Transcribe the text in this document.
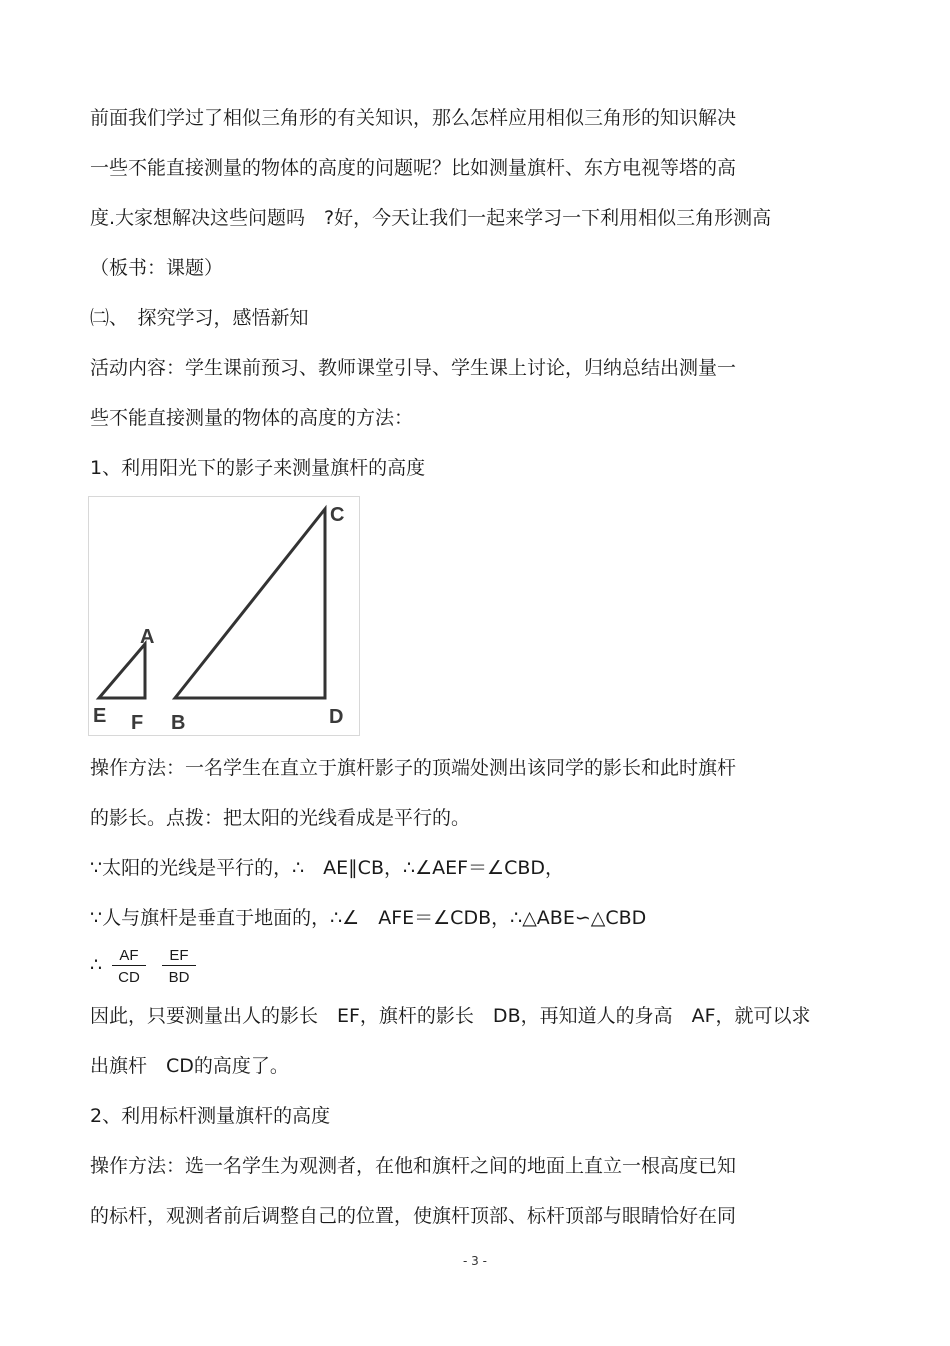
前面我们学过了相似三角形的有关知识，那么怎样应用相似三角形的知识解决
一些不能直接测量的物体的高度的问题呢？比如测量旗杆、东方电视等塔的高
度.大家想解决这些问题吗　?好，今天让我们一起来学习一下利用相似三角形测高
（板书：课题）
㈡、　探究学习，感悟新知
活动内容：学生课前预习、教师课堂引导、学生课上讨论，归纳总结出测量一
些不能直接测量的物体的高度的方法：
1、利用阳光下的影子来测量旗杆的高度
A
E F B
C
D
操作方法：一名学生在直立于旗杆影子的顶端处测出该同学的影长和此时旗杆
的影长。点拨：把太阳的光线看成是平行的。
∵太阳的光线是平行的，∴　AE∥CB，∴∠AEF＝∠CBD，
∵人与旗杆是垂直于地面的，∴∠　AFE＝∠CDB，∴△ABE∽△CBD
∴ $\frac{AF}{CD} \frac{EF}{BD}$
因此，只要测量出人的影长　EF，旗杆的影长　DB，再知道人的身高　AF，就可以求
出旗杆　CD的高度了。
2、利用标杆测量旗杆的高度
操作方法：选一名学生为观测者，在他和旗杆之间的地面上直立一根高度已知
的标杆，观测者前后调整自己的位置，使旗杆顶部、标杆顶部与眼睛恰好在同
- 3 -
